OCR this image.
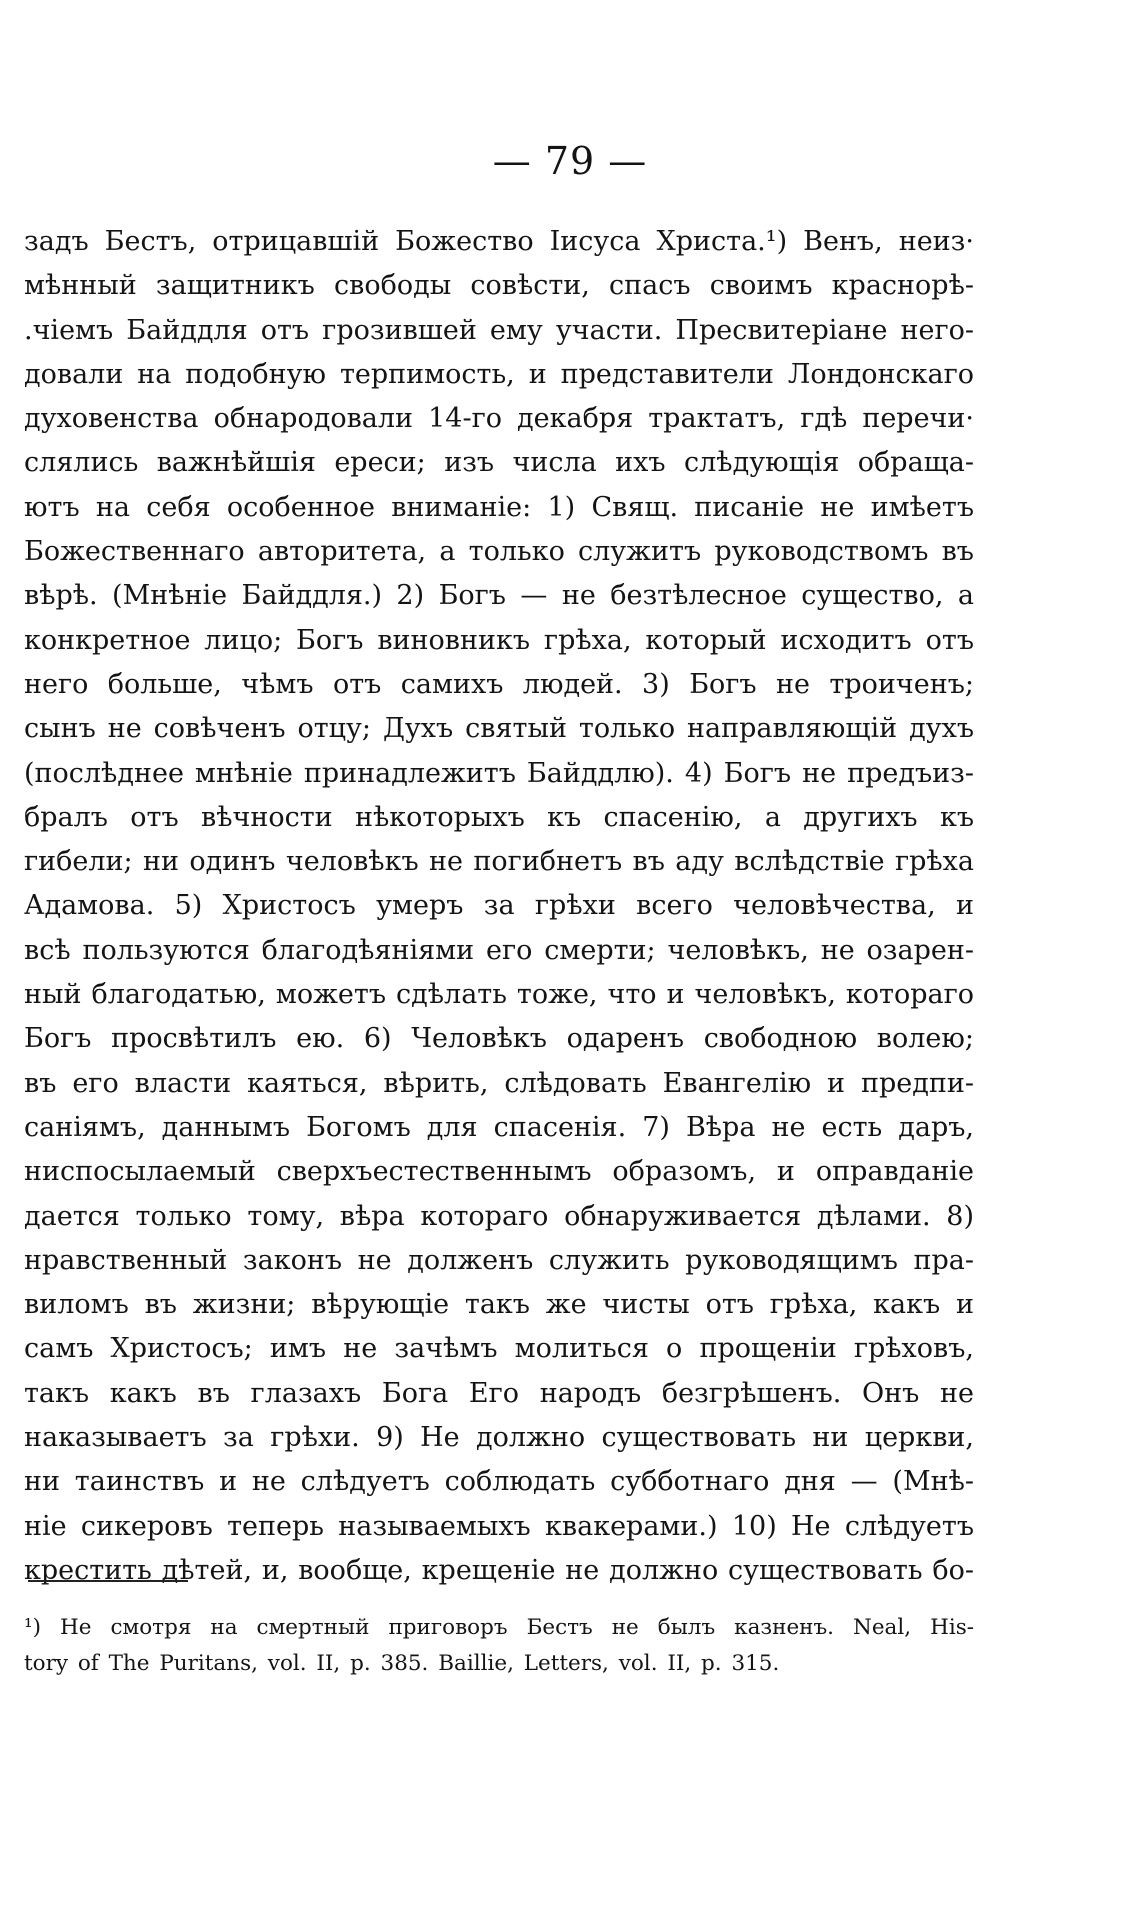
— 79 —
задъ Бестъ, отрицавшій Божество Іисуса Христа.¹) Венъ, неиз·
мѣнный защитникъ свободы совѣсти, спасъ своимъ краснорѣ-
.чіемъ Байддля отъ грозившей ему участи. Пресвитеріане него-
довали на подобную терпимость, и представители Лондонскаго
духовенства обнародовали 14-го декабря трактатъ, гдѣ перечи·
слялись важнѣйшія ереси; изъ числа ихъ слѣдующія обраща-
ютъ на себя особенное вниманіе: 1) Свящ. писаніе не имѣетъ
Божественнаго авторитета, а только служитъ руководствомъ въ
вѣрѣ. (Мнѣніе Байддля.) 2) Богъ — не безтѣлесное существо, а
конкретное лицо; Богъ виновникъ грѣха, который исходитъ отъ
него больше, чѣмъ отъ самихъ людей. 3) Богъ не троиченъ;
сынъ не совѣченъ отцу; Духъ святый только направляющій духъ
(послѣднее мнѣніе принадлежитъ Байддлю). 4) Богъ не предъиз-
бралъ отъ вѣчности нѣкоторыхъ къ спасенію, а другихъ къ
гибели; ни одинъ человѣкъ не погибнетъ въ аду вслѣдствіе грѣха
Адамова. 5) Христосъ умеръ за грѣхи всего человѣчества, и
всѣ пользуются благодѣяніями его смерти; человѣкъ, не озарен-
ный благодатью, можетъ сдѣлать тоже, что и человѣкъ, котораго
Богъ просвѣтилъ ею. 6) Человѣкъ одаренъ свободною волею;
въ его власти каяться, вѣрить, слѣдовать Евангелію и предпи-
саніямъ, даннымъ Богомъ для спасенія. 7) Вѣра не есть даръ,
ниспосылаемый сверхъестественнымъ образомъ, и оправданіе
дается только тому, вѣра котораго обнаруживается дѣлами. 8)
нравственный законъ не долженъ служить руководящимъ пра-
виломъ въ жизни; вѣрующіе такъ же чисты отъ грѣха, какъ и
самъ Христосъ; имъ не зачѣмъ молиться о прощеніи грѣховъ,
такъ какъ въ глазахъ Бога Его народъ безгрѣшенъ. Онъ не
наказываетъ за грѣхи. 9) Не должно существовать ни церкви,
ни таинствъ и не слѣдуетъ соблюдать субботнаго дня — (Мнѣ-
ніе сикеровъ теперь называемыхъ квакерами.) 10) Не слѣдуетъ
крестить дѣтей, и, вообще, крещеніе не должно существовать бо-
¹) Не смотря на смертный приговоръ Бестъ не былъ казненъ. Neal, His-
tory of The Puritans, vol. II, p. 385. Baillie, Letters, vol. II, p. 315.
